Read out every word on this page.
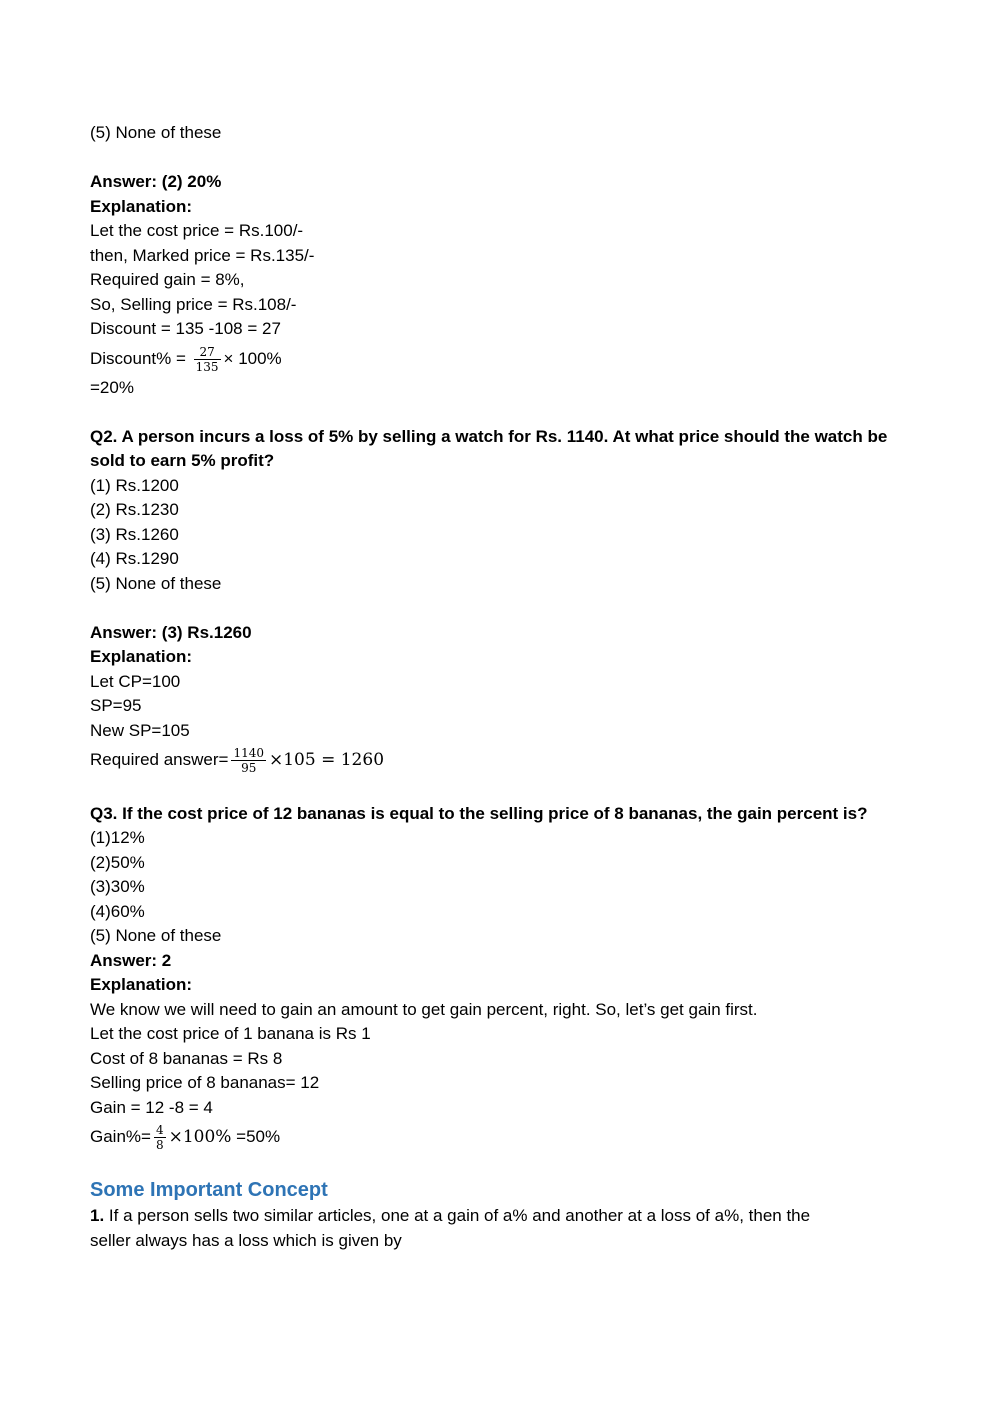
(5) None of these
Answer: (2) 20%
Explanation:
Let the cost price = Rs.100/-
then, Marked price = Rs.135/-
Required gain = 8%,
So, Selling price = Rs.108/-
Discount = 135 -108 = 27
Discount% = $\frac{27}{135} \times 100\%$
=20%
Q2. A person incurs a loss of 5% by selling a watch for Rs. 1140. At what price should the watch be
sold to earn 5% profit?
(1) Rs.1200
(2) Rs.1230
(3) Rs.1260
(4) Rs.1290
(5) None of these
Answer: (3) Rs.1260
Explanation:
Let CP=100
SP=95
New SP=105
Required answer= $\frac{1140}{95} \times 105 = 1260$
Q3. If the cost price of 12 bananas is equal to the selling price of 8 bananas, the gain percent is?
(1)12%
(2)50%
(3)30%
(4)60%
(5) None of these
Answer: 2
Explanation:
We know we will need to gain an amount to get gain percent, right. So, let’s get gain first.
Let the cost price of 1 banana is Rs 1
Cost of 8 bananas = Rs 8
Selling price of 8 bananas= 12
Gain = 12 -8 = 4
Gain%= $\frac{4}{8} \times 100\% =50\%$
Some Important Concept
1. If a person sells two similar articles, one at a gain of a% and another at a loss of a%, then the
seller always has a loss which is given by
